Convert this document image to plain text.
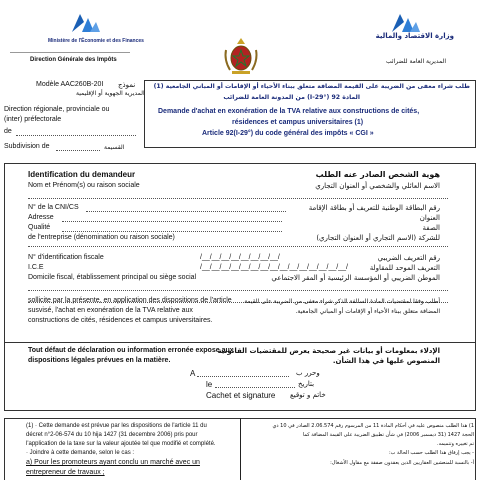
Ministère de l'Économie et des Finances
Direction Générale des Impôts
وزارة الاقتصاد والمالية
المديرية العامة للضرائب
Modèle AAC260B-20I نموذج
المديرية الجهوية أو الإقليمية
Direction régionale, provinciale ou
(inter) préfectorale
de
Subdivision de	القسيمة
طلب شراء معفى من الضريبة على القيمة المضافة متعلق ببناء الأحياء أو الإقامات أو المباني الجامعية (1)
المادة 92 (I-29°) من المدونة العامة للضرائب
Demande d'achat en exonération de la TVA relative aux constructions de cités,
résidences et campus universitaires (1)
Article 92(I-29°) du code général des impôts « CGI »
Identification du demandeur	هوية الشخص الصادر عنه الطلب
Nom et Prénom(s) ou raison sociale	الاسم العائلي والشخصي أو العنوان التجاري
N° de la CNI/CS	رقم البطاقة الوطنية للتعريف أو بطاقة الإقامة
Adresse	العنوان
Qualité	الصفة
de l'entreprise (dénomination ou raison sociale)	للشركة (الاسم التجاري أو العنوان التجاري)
N° d'identification fiscale	/__/__/__/__/__/__/__/__/	رقم التعريف الضريبي
I.C.E	/__/__/__/__/__/__/__/__/__/__/__/__/__/__/__/	التعريف الموحد للمقاولة
Domicile fiscal, établissement principal ou siège social	الموطن الضريبي أو المؤسسة الرئيسية أو المقر الاجتماعي
sollicite par la présente, en application des dispositions de l'article
susvisé, l'achat en exonération de la TVA relative aux
constructions de cités, résidences et campus universitaires.
أطلب وفقا لمقتضيات المادة السالفة الذكر شراء معفى من الضريبة على القيمة
المضافة متعلق ببناء الأحياء أو الإقامات أو المباني الجامعية.
Tout défaut de déclaration ou information erronée expose aux
dispositions légales prévues en la matière.
الإدلاء بمعلومات أو بيانات غير صحيحة يعرض للمقتضيات القانونية
المنصوص عليها في هذا الشأن.
A	وحرر ب
le	بتاريخ
Cachet et signature خاتم و توقيع
(1) · Cette demande est prévue par les dispositions de l'article 11 du
décret n°2-06-574 du 10 hija 1427 (31 decembre 2006) pris pour
l'application de la taxe sur la valeur ajoutée tel que modifié et complété.
· Joindre à cette demande, selon le cas :
a) Pour les promoteurs ayant conclu un marché avec un
entrepreneur de travaux ;
1) هذا الطلب منصوص عليه في أحكام المادة 11 من المرسوم رقم 2.06.574 الصادر في 10 ذي
الحجة 1427 (31 ديسمبر 2006) في شأن تطبيق الضريبة على القيمة المضافة كما
تم تغييره وتتميمه.
- يجب إرفاق هذا الطلب حسب الحالة ب:
أ- بالنسبة للمنعشين العقاريين الذين يعقدون صفقة مع مقاول الأشغال:
